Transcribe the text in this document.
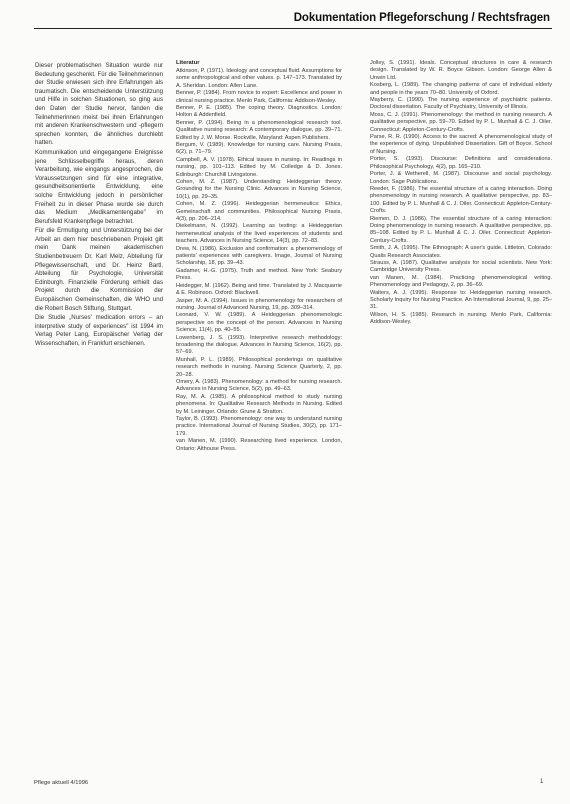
Dokumentation Pflegeforschung / Rechtsfragen

Dieser problematischen Situation wurde nur Bedeutung geschenkt. Für die Teilnehmerinnen der Studie erwiesen sich ihre Erfahrungen als traumatisch. Die entscheidende Unterstützung und Hilfe in solchen Situationen, so ging aus den Daten der Studie hervor, fanden die Teilnehmerinnen meist bei ihren Erfahrungen mit anderen Krankenschwestern und -pflegern sprechen konnten, die ähnliches durchlebt hatten.

Kommunikation und eingegangene Ereignisse jene Schlüsselbegriffe heraus, deren Verarbeitung, wie eingangs angesprochen, die Voraussetzungen sind für eine integrative, gesundheitsorientierte Entwicklung, eine solche Entwicklung jedoch in persönlicher Freiheit zu in dieser Phase wurde sie durch das Medium „Medikamentengabe" im Berufsfeld Krankenpflege betrachtet.

Für die Ermutigung und Unterstützung bei der Arbeit an dem hier beschriebenen Projekt gilt mein Dank meinen akademischen Studienbetreuern Dr. Karl Melz, Abteilung für Pflegewissenschaft, und Dr. Heinz Bartl, Abteilung für Psychologie, Universität Edinburgh. Finanzielle Förderung erhielt das Projekt durch die Kommission der Europäischen Gemeinschaften, die WHO und die Robert Bosch Stiftung, Stuttgart.

Die Studie „Nurses' medication errors – an interpretive study of experiences" ist 1994 im Verlag Peter Lang, Europäischer Verlag der Wissenschaften, in Frankfurt erschienen.

Literatur

Atkinson, P. (1971). Ideology and conceptual fluid. Assumptions for some anthropological and other values. p. 147–173. Translated by A. Sheridan. London: Allen Lane.

Benner, P. (1984). From novice to expert: Excellence and power in clinical nursing practice. Menlo Park, California: Addison-Wesley.

Benner, P. E. (1985). The coping theory. Diagnostics. London: Holton & Addenfield.

Benner, P. (1994). Being in a phenomenological research tool. Qualitative nursing research: A contemporary dialogue, pp. 39–71. Edited by J. W. Morse. Rockville, Maryland: Aspen Publishers.

Bergum, V. (1989). Knowledge for nursing care. Nursing Praxis, 6(2), p. 71–79.

Campbell, A. V. (1978). Ethical issues in nursing. In: Readings in nursing, pp. 101–113. Edited by M. Colledge & D. Jones. Edinburgh: Churchill Livingstone.

Cohen, M. Z. (1987). Understanding: Heideggerian theory. Grounding for the Nursing Clinic. Advances in Nursing Science, 10(1), pp. 29–35.

Cohen, M. Z. (1996). Heideggerian hermeneutics: Ethics, Gemeinschaft and communities. Philosophical Nursing Praxis, 4(3), pp. 206–214.

Diekelmann, N. (1992). Learning as testing: a Heideggerian hermeneutical analysis of the lived experiences of students and teachers. Advances in Nursing Science, 14(3), pp. 72–83.

Drew, N. (1986). Exclusion and confirmation: a phenomenology of patients' experiences with caregivers. Image, Journal of Nursing Scholarship, 18, pp. 39–43.

Gadamer, H.-G. (1975). Truth and method. New York: Seabury Press.

Heidegger, M. (1962). Being and time. Translated by J. Macquarrie & E. Robinson. Oxford: Blackwell.

Jasper, M. A. (1994). Issues in phenomenology for researchers of nursing. Journal of Advanced Nursing, 19, pp. 309–314.

Leonard, V. W. (1989). A Heideggerian phenomenologic perspective on the concept of the person. Advances in Nursing Science, 11(4), pp. 40–55.

Lowenberg, J. S. (1993). Interpretive research methodology: broadening the dialogue. Advances in Nursing Science, 16(2), pp. 57–69.

Munhall, P. L. (1989). Philosophical ponderings on qualitative research methods in nursing. Nursing Science Quarterly, 2, pp. 20–28.

Omery, A. (1983). Phenomenology: a method for nursing research. Advances in Nursing Science, 5(2), pp. 49–63.

Ray, M. A. (1985). A philosophical method to study nursing phenomena. In: Qualitative Research Methods in Nursing. Edited by M. Leininger. Orlando: Grune & Stratton.

Taylor, B. (1993). Phenomenology: one way to understand nursing practice. International Journal of Nursing Studies, 30(2), pp. 171–179.

van Manen, M. (1990). Researching lived experience. London, Ontario: Althouse Press.

Jolley, S. (1991). Ideals. Conceptual structures in care & research design. Translated by W. R. Boyce Gibson. London: George Allen & Unwin Ltd.

Kosberg, L. (1989). The changing patterns of care of individual elderly and people in the years 70–80. University of Oxford.

Mayberry, C. (1990). The nursing experience of psychiatric patients. Doctoral dissertation. Faculty of Psychiatry, University of Illinois.

Moss, C. J. (1991). Phenomenology: the method in nursing research. A qualitative perspective, pp. 59–70. Edited by P. L. Munhall & C. J. Oiler. Connecticut: Appleton-Century-Crofts.

Parse, R. R. (1990). Access to the sacred: A phenomenological study of the experience of dying. Unpublished Dissertation. Gift of Boyce. School of Nursing.

Porter, S. (1993). Discourse: Definitions and considerations. Philosophical Psychology, 4(2), pp. 165–210.

Porter, J. & Wetherell, M. (1987). Discourse and social psychology. London: Sage Publications.

Reeder, F. (1986). The essential structure of a caring interaction. Doing phenomenology in nursing research. A qualitative perspective, pp. 83–100. Edited by P. L. Munhall & C. J. Oiler. Connecticut: Appleton-Century-Crofts.

Riemen, D. J. (1986). The essential structure of a caring interaction: Doing phenomenology in nursing research. A qualitative perspective, pp. 85–108. Edited by P. L. Munhall & C. J. Oiler. Connecticut: Appleton-Century-Crofts.

Smith, J. A. (1995). The Ethnograph: A user's guide. Littleton, Colorado: Qualis Research Associates.

Strauss, A. (1987). Qualitative analysis for social scientists. New York: Cambridge University Press.

van Manen, M. (1984). Practicing phenomenological writing. Phenomenology and Pedagogy, 2, pp. 36–69.

Walters, A. J. (1995). Response to: Heideggerian nursing research. Scholarly Inquiry for Nursing Practice. An International Journal, 9, pp. 25–31.

Wilson, H. S. (1985). Research in nursing. Menlo Park, California: Addison-Wesley.

Pflege aktuell 4/1996	1
